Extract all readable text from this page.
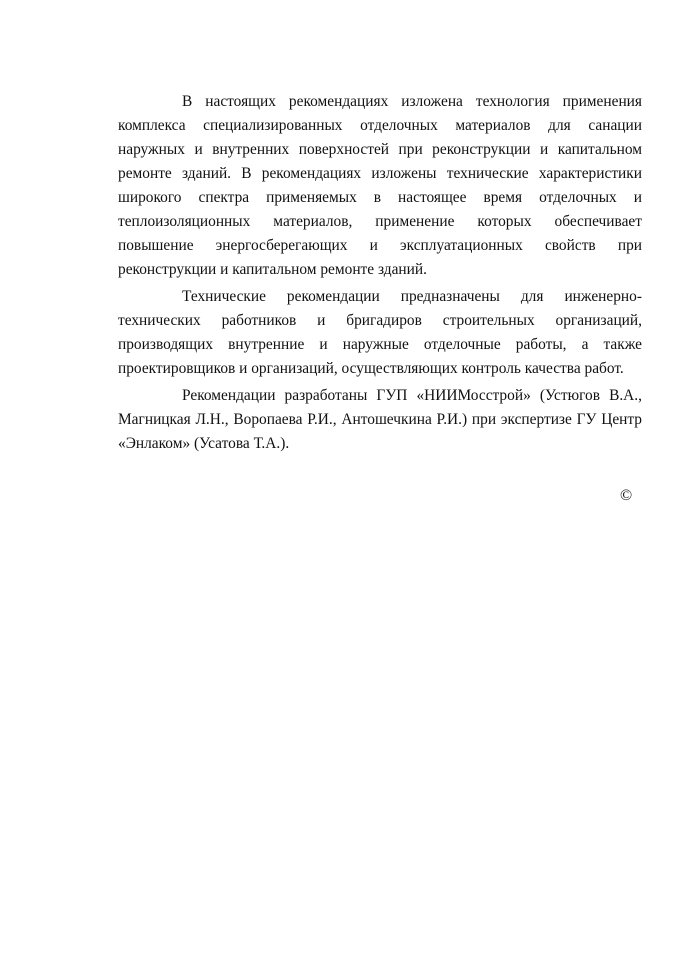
В настоящих рекомендациях изложена технология применения комплекса специализированных отделочных материалов для санации наружных и внутренних поверхностей при реконструкции и капитальном ремонте зданий. В рекомендациях изложены технические характеристики широкого спектра применяемых в настоящее время отделочных и теплоизоляционных материалов, применение которых обеспечивает повышение энергосберегающих и эксплуатационных свойств при реконструкции и капитальном ремонте зданий.

Технические рекомендации предназначены для инженерно-технических работников и бригадиров строительных организаций, производящих внутренние и наружные отделочные работы, а также проектировщиков и организаций, осуществляющих контроль качества работ.

Рекомендации разработаны ГУП «НИИМосстрой» (Устюгов В.А., Магницкая Л.Н., Воропаева Р.И., Антошечкина Р.И.) при экспертизе ГУ Центр «Энлаком» (Усатова Т.А.).

©
